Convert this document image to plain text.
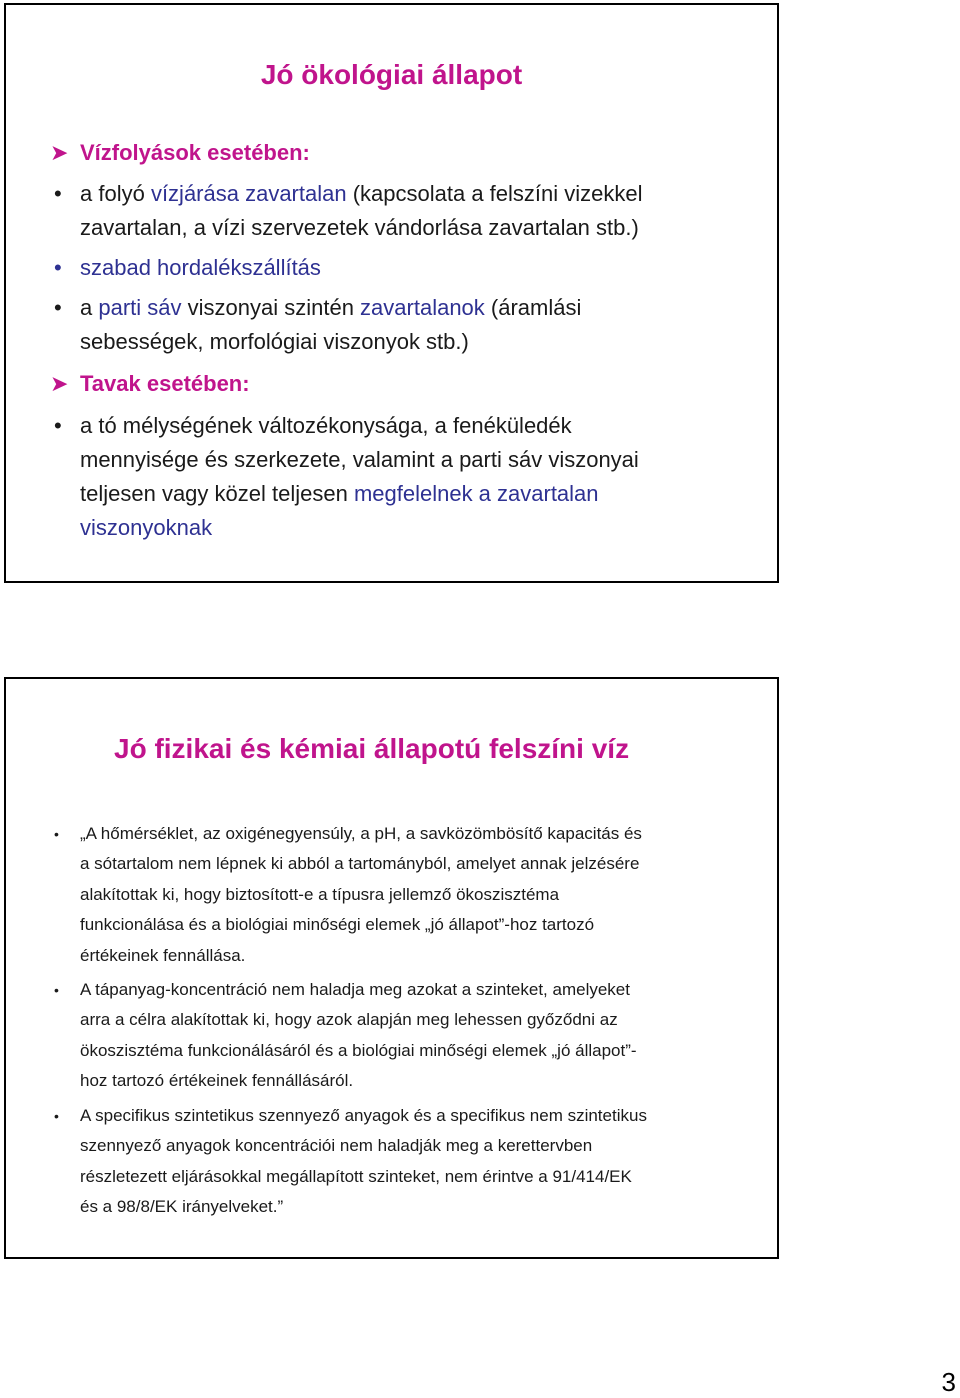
Jó ökológiai állapot
➤ Vízfolyások esetében:
• a folyó vízjárása zavartalan (kapcsolata a felszíni vizekkel
zavartalan, a vízi szervezetek vándorlása zavartalan stb.)
• szabad hordalékszállítás
• a parti sáv viszonyai szintén zavartalanok (áramlási
sebességek, morfológiai viszonyok stb.)
➤ Tavak esetében:
• a tó mélységének változékonysága, a fenéküledék
mennyisége és szerkezete, valamint a parti sáv viszonyai
teljesen vagy közel teljesen megfelelnek a zavartalan
viszonyoknak
Jó fizikai és kémiai állapotú felszíni víz
• „A hőmérséklet, az oxigénegyensúly, a pH, a savközömbösítő kapacitás és
a sótartalom nem lépnek ki abból a tartományból, amelyet annak jelzésére
alakítottak ki, hogy biztosított-e a típusra jellemző ökoszisztéma
funkcionálása és a biológiai minőségi elemek „jó állapot”-hoz tartozó
értékeinek fennállása.
• A tápanyag-koncentráció nem haladja meg azokat a szinteket, amelyeket
arra a célra alakítottak ki, hogy azok alapján meg lehessen győződni az
ökoszisztéma funkcionálásáról és a biológiai minőségi elemek „jó állapot”-
hoz tartozó értékeinek fennállásáról.
• A specifikus szintetikus szennyező anyagok és a specifikus nem szintetikus
szennyező anyagok koncentrációi nem haladják meg a kerettervben
részletezett eljárásokkal megállapított szinteket, nem érintve a 91/414/EK
és a 98/8/EK irányelveket.”
3
